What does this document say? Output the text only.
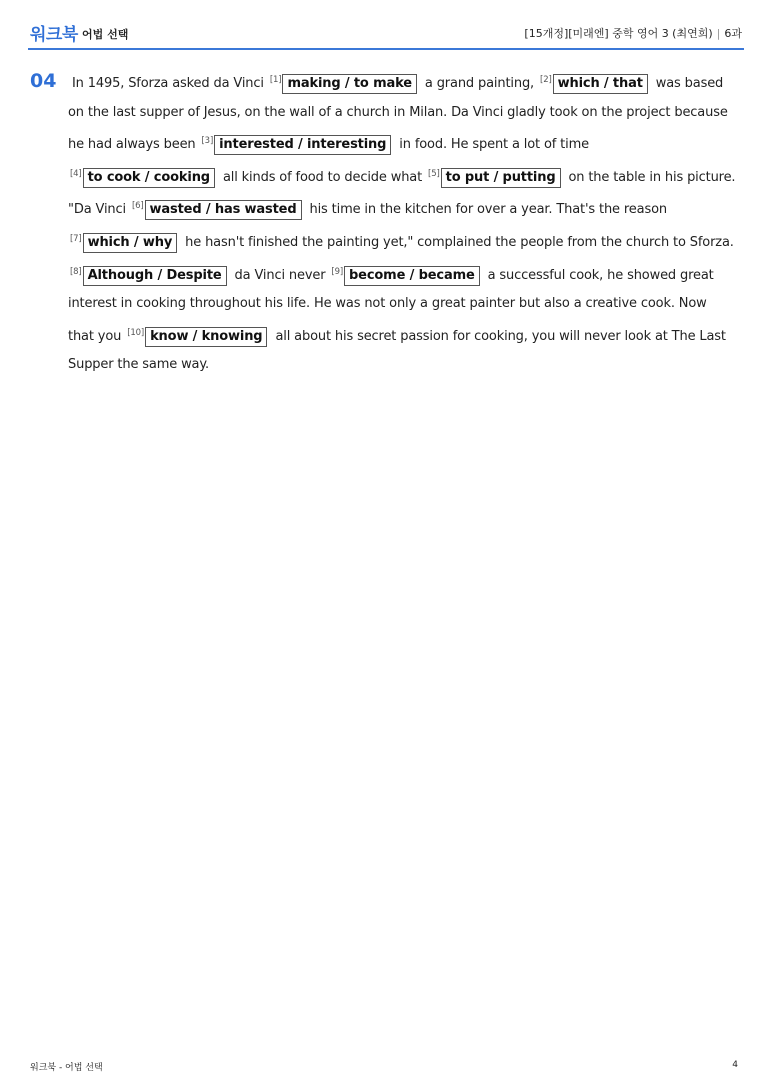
워크북 어법 선택	[15개정][미래엔] 중학 영어 3 (최연희) | 6과
04	In 1495, Sforza asked da Vinci [1] making / to make a grand painting, [2] which / that was based on the last supper of Jesus, on the wall of a church in Milan. Da Vinci gladly took on the project because he had always been [3] interested / interesting in food. He spent a lot of time [4] to cook / cooking all kinds of food to decide what [5] to put / putting on the table in his picture. "Da Vinci [6] wasted / has wasted his time in the kitchen for over a year. That's the reason [7] which / why he hasn't finished the painting yet," complained the people from the church to Sforza. [8] Although / Despite da Vinci never [9] become / became a successful cook, he showed great interest in cooking throughout his life. He was not only a great painter but also a creative cook. Now that you [10] know / knowing all about his secret passion for cooking, you will never look at The Last Supper the same way.
워크북 - 어법 선택	4
